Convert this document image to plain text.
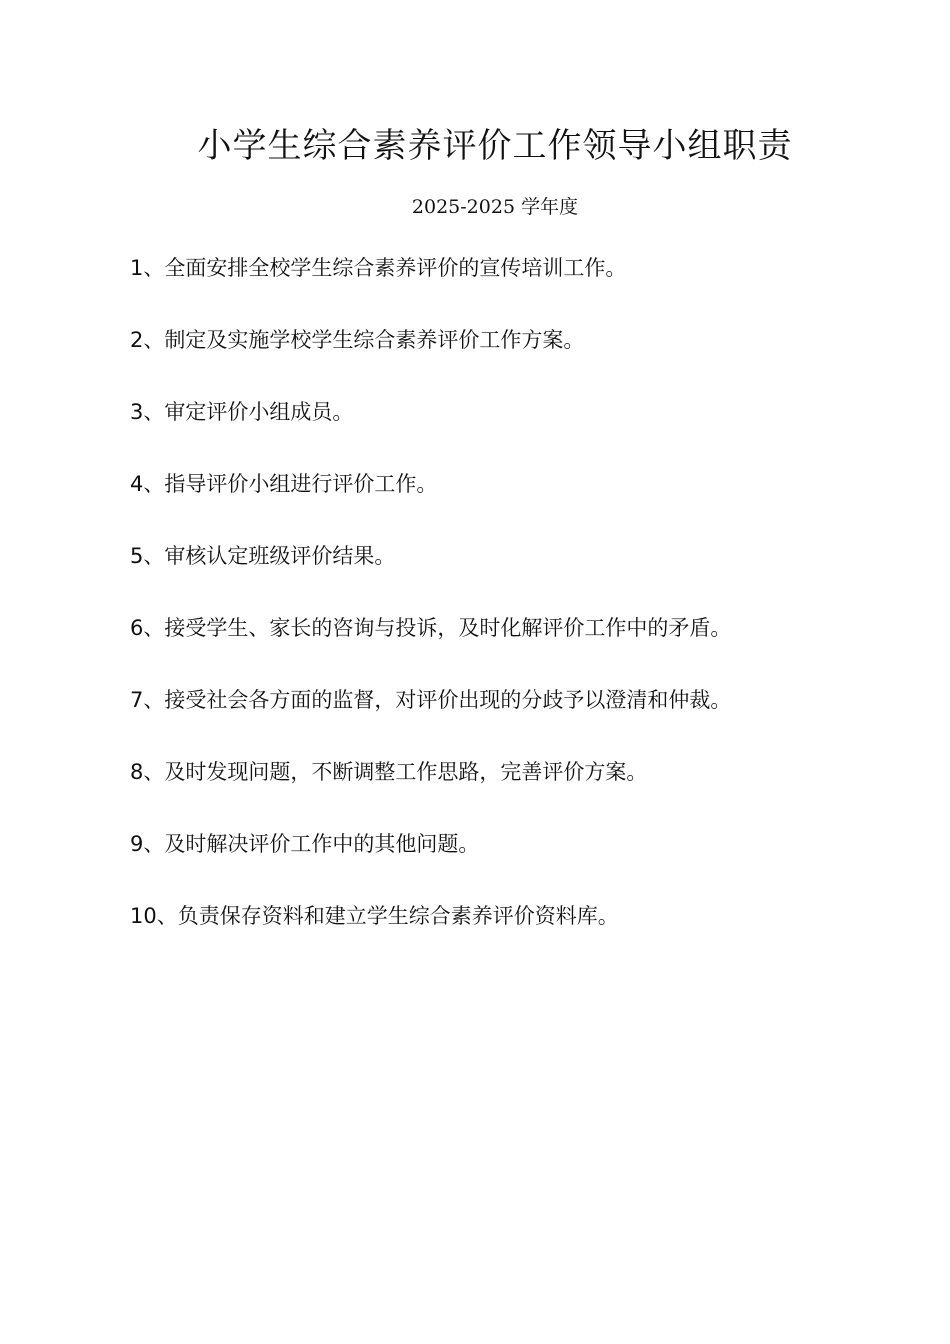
小学生综合素养评价工作领导小组职责
2025-2025 学年度
1、全面安排全校学生综合素养评价的宣传培训工作。
2、制定及实施学校学生综合素养评价工作方案。
3、审定评价小组成员。
4、指导评价小组进行评价工作。
5、审核认定班级评价结果。
6、接受学生、家长的咨询与投诉，及时化解评价工作中的矛盾。
7、接受社会各方面的监督，对评价出现的分歧予以澄清和仲裁。
8、及时发现问题，不断调整工作思路，完善评价方案。
9、及时解决评价工作中的其他问题。
10、负责保存资料和建立学生综合素养评价资料库。
